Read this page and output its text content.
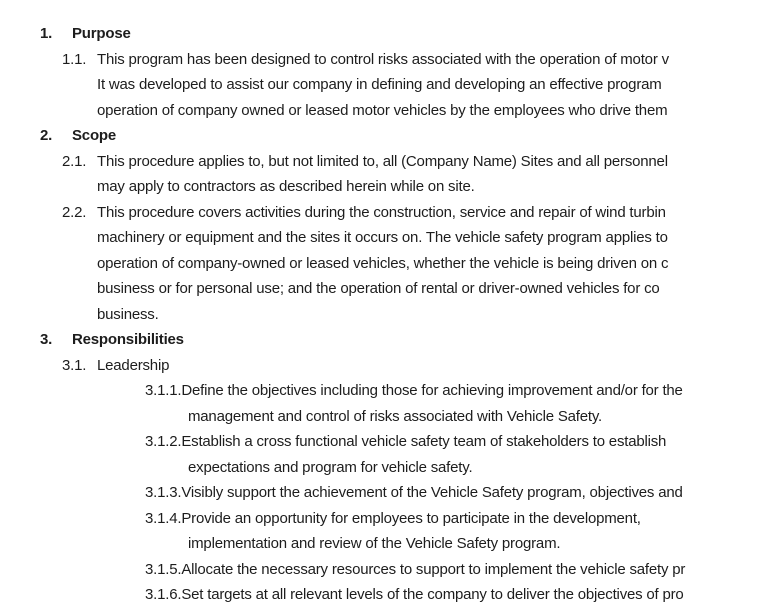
1. Purpose
1.1. This program has been designed to control risks associated with the operation of motor v
It was developed to assist our company in defining and developing an effective program
operation of company owned or leased motor vehicles by the employees who drive them
2. Scope
2.1. This procedure applies to, but not limited to, all (Company Name) Sites and all personnel
may apply to contractors as described herein while on site.
2.2. This procedure covers activities during the construction, service and repair of wind turbin
machinery or equipment and the sites it occurs on. The vehicle safety program applies to
operation of company-owned or leased vehicles, whether the vehicle is being driven on c
business or for personal use; and the operation of rental or driver-owned vehicles for co
business.
3. Responsibilities
3.1. Leadership
3.1.1.Define the objectives including those for achieving improvement and/or for the
management and control of risks associated with Vehicle Safety.
3.1.2.Establish a cross functional vehicle safety team of stakeholders to establish
expectations and program for vehicle safety.
3.1.3.Visibly support the achievement of the Vehicle Safety program, objectives and
3.1.4.Provide an opportunity for employees to participate in the development,
implementation and review of the Vehicle Safety program.
3.1.5.Allocate the necessary resources to support to implement the vehicle safety pr
3.1.6.Set targets at all relevant levels of the company to deliver the objectives of pro
